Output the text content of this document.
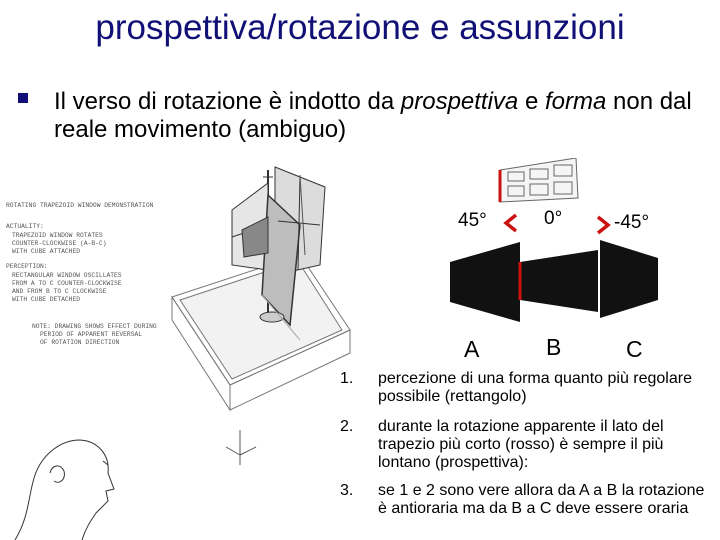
prospettiva/rotazione e assunzioni
Il verso di rotazione è indotto da prospettiva e forma non dal reale movimento (ambiguo)
ROTATING TRAPEZOID WINDOW DEMONSTRATION
ACTUALITY:
TRAPEZOID WINDOW ROTATES
COUNTER-CLOCKWISE (A-B-C)
WITH CUBE ATTACHED
PERCEPTION:
RECTANGULAR WINDOW OSCILLATES
FROM A TO C COUNTER-CLOCKWISE
AND FROM B TO C CLOCKWISE
WITH CUBE DETACHED
NOTE: DRAWING SHOWS EFFECT DURING
PERIOD OF APPARENT REVERSAL
OF ROTATION DIRECTION
45°	0°	-45°
A	B	C
1. percezione di una forma quanto più regolare possibile (rettangolo)
2. durante la rotazione apparente il lato del trapezio più corto (rosso) è sempre il più lontano (prospettiva):
3. se 1 e 2 sono vere allora da A a B la rotazione è antioraria ma da B a C deve essere oraria
